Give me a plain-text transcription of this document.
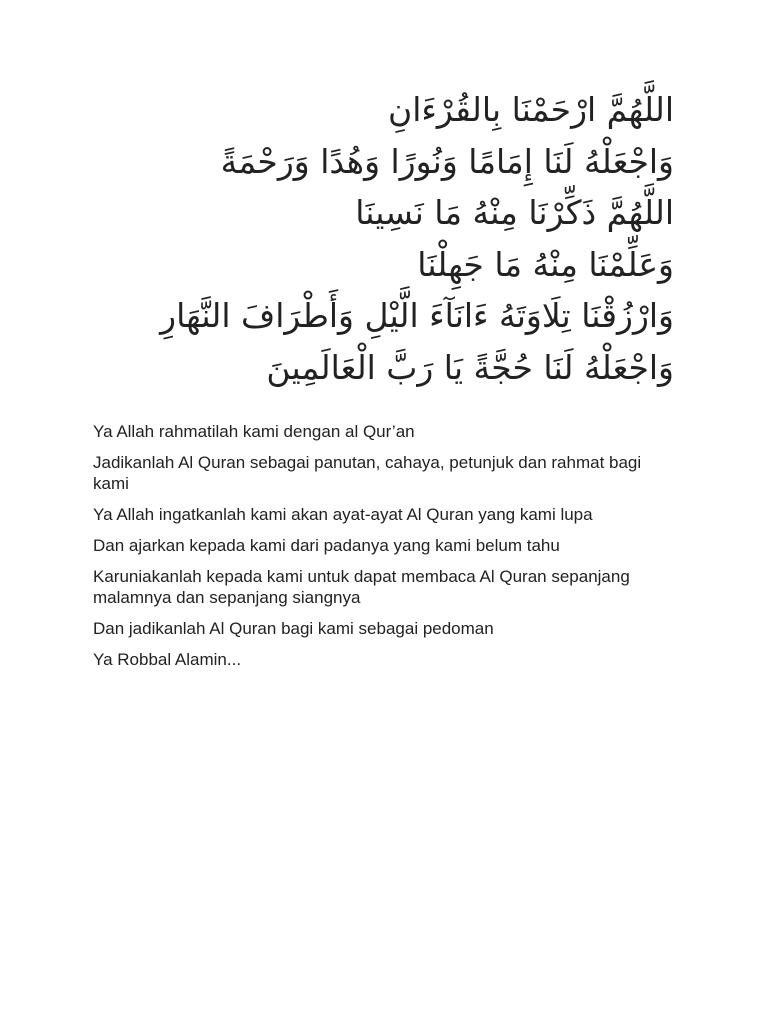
اللَّهُمَّ ارْحَمْنَا بِالقُرْءَانِ
وَاجْعَلْهُ لَنَا إِمَامًا وَنُورًا وَهُدًا وَرَحْمَةً
اللَّهُمَّ ذَكِّرْنَا مِنْهُ مَا نَسِينَا
وَعَلِّمْنَا مِنْهُ مَا جَهِلْنَا
وَارْزُقْنَا تِلَاوَتَهُ ءَانَآءَ الَّيْلِ وَأَطْرَافَ النَّهَارِ
وَاجْعَلْهُ لَنَا حُجَّةً يَا رَبَّ الْعَالَمِينَ

Ya Allah rahmatilah kami dengan al Qur’an

Jadikanlah Al Quran sebagai panutan, cahaya, petunjuk dan rahmat bagi kami

Ya Allah ingatkanlah kami akan ayat-ayat Al Quran yang kami lupa

Dan ajarkan kepada kami dari padanya yang kami belum tahu

Karuniakanlah kepada kami untuk dapat membaca Al Quran sepanjang malamnya dan sepanjang siangnya

Dan jadikanlah Al Quran bagi kami sebagai pedoman

Ya Robbal Alamin...
